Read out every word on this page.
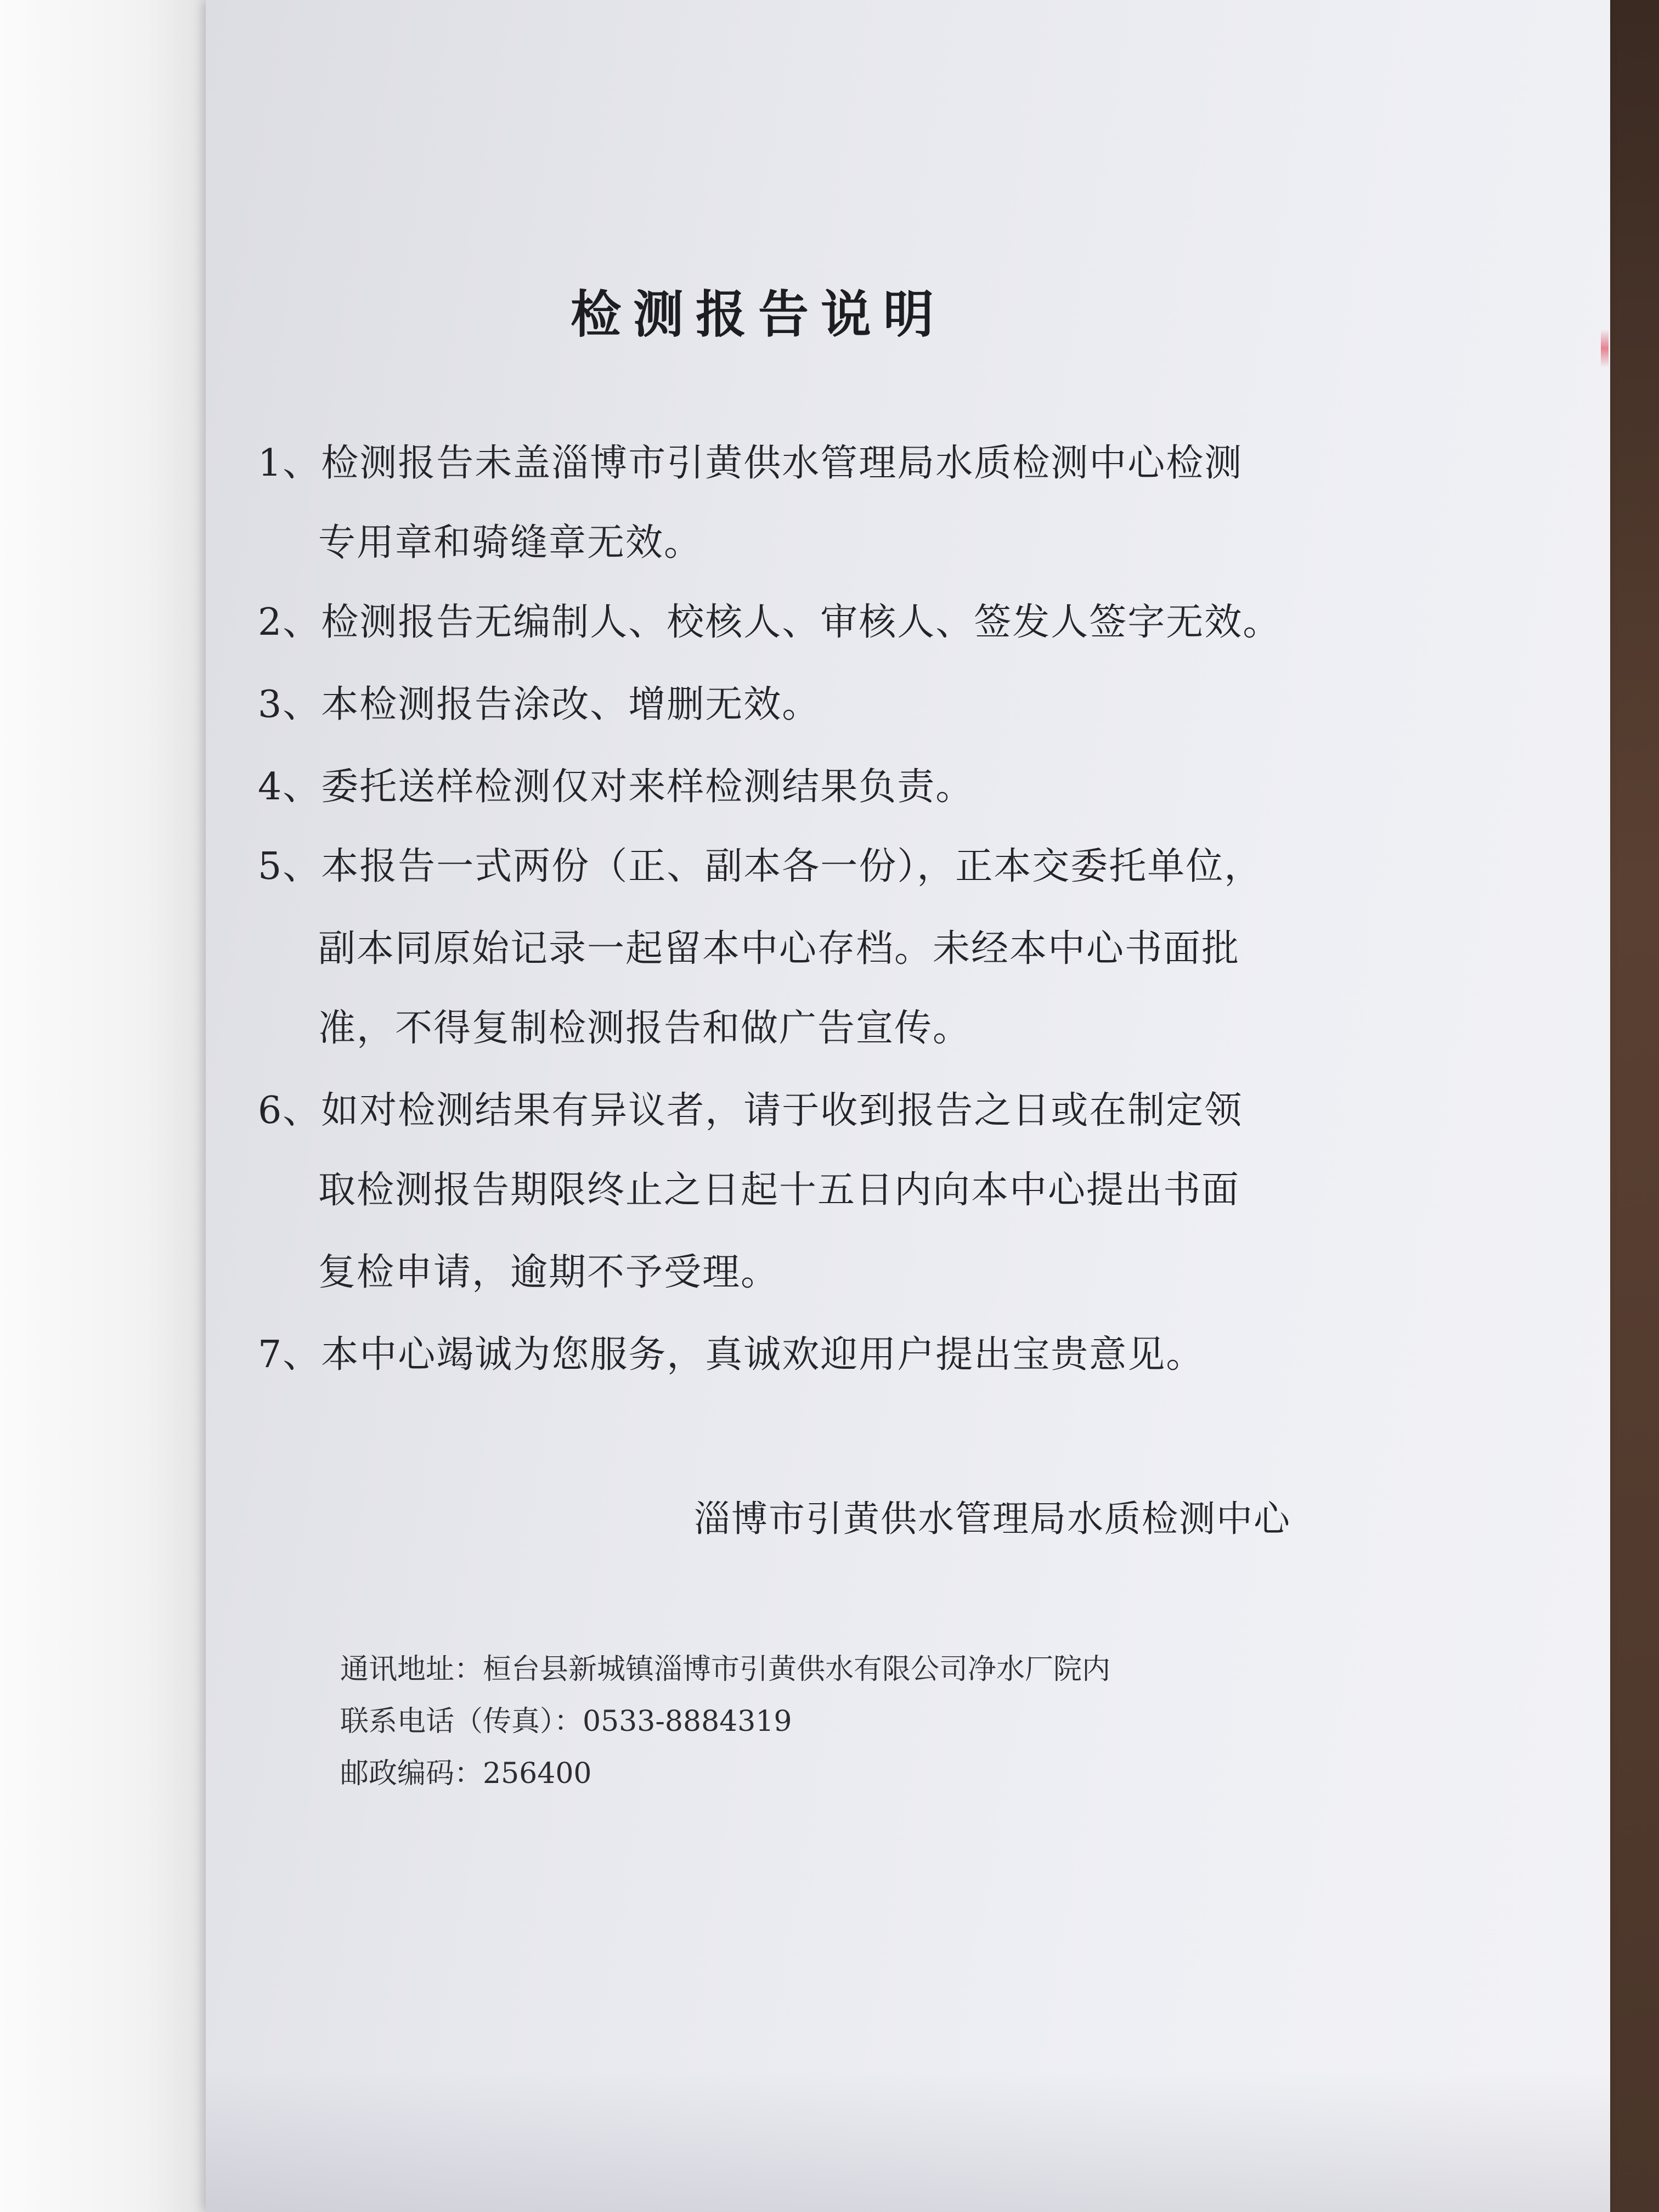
检测报告说明
1、检测报告未盖淄博市引黄供水管理局水质检测中心检测
专用章和骑缝章无效。
2、检测报告无编制人、校核人、审核人、签发人签字无效。
3、本检测报告涂改、增删无效。
4、委托送样检测仅对来样检测结果负责。
5、本报告一式两份（正、副本各一份），正本交委托单位，
副本同原始记录一起留本中心存档。未经本中心书面批
准，不得复制检测报告和做广告宣传。
6、如对检测结果有异议者，请于收到报告之日或在制定领
取检测报告期限终止之日起十五日内向本中心提出书面
复检申请，逾期不予受理。
7、本中心竭诚为您服务，真诚欢迎用户提出宝贵意见。
淄博市引黄供水管理局水质检测中心
通讯地址：桓台县新城镇淄博市引黄供水有限公司净水厂院内
联系电话（传真）：0533-8884319
邮政编码：256400
